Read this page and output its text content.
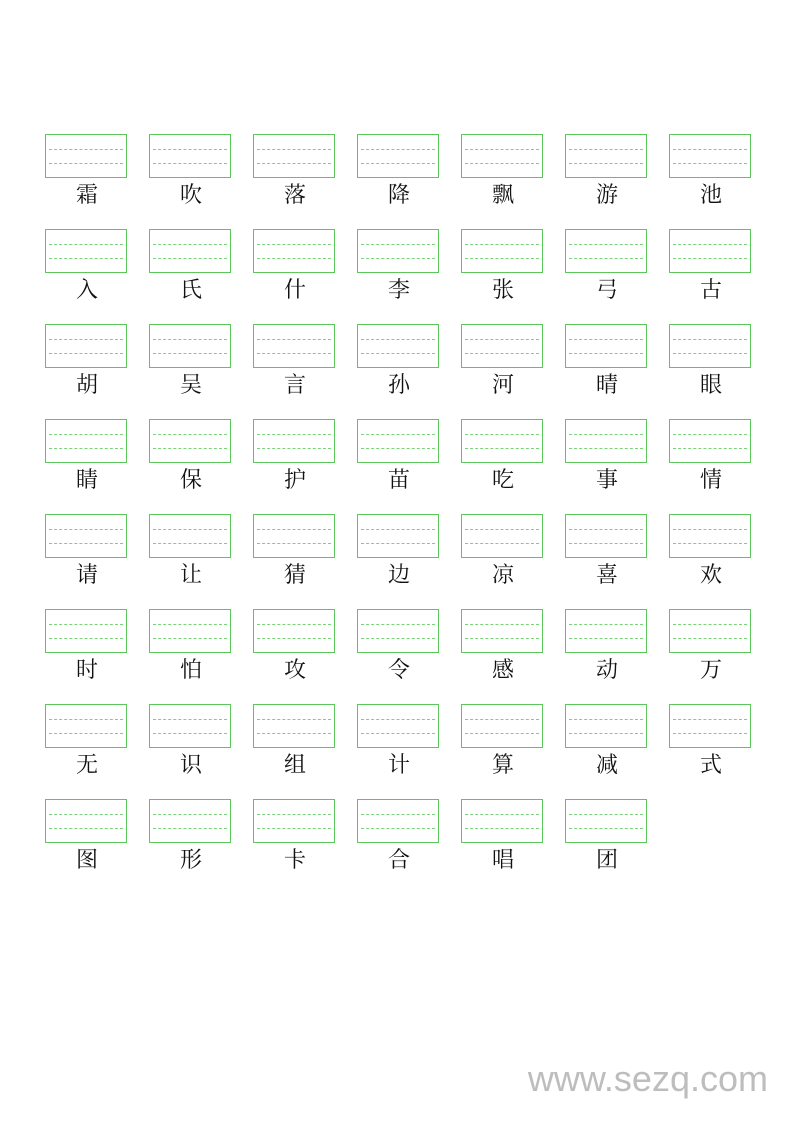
霜	吹	落	降	飘	游	池
入	氏	什	李	张	弓	古
胡	吴	言	孙	河	晴	眼
睛	保	护	苗	吃	事	情
请	让	猜	边	凉	喜	欢
时	怕	攻	令	感	动	万
无	识	组	计	算	减	式
图	形	卡	合	唱	团
www.sezq.com
